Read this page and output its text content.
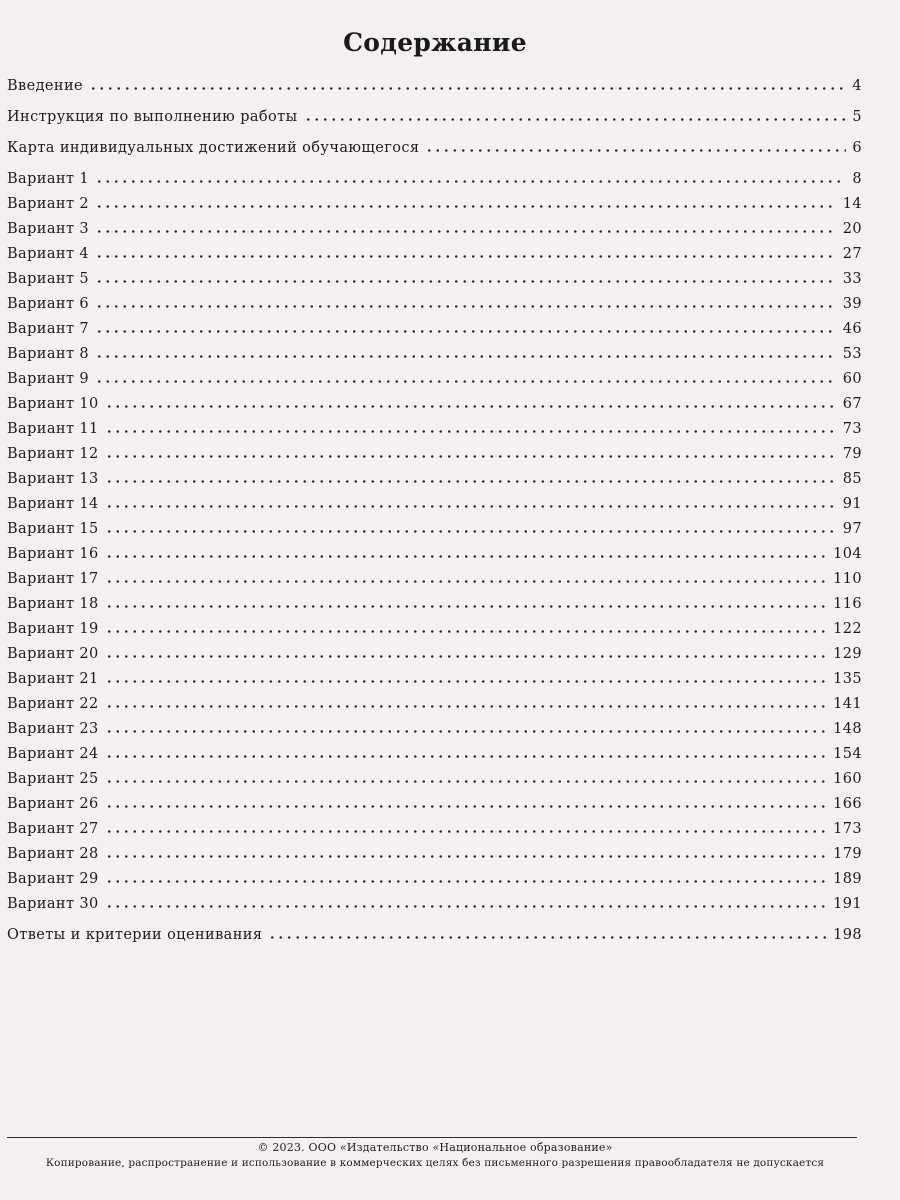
Содержание
Введение	4
Инструкция по выполнению работы	5
Карта индивидуальных достижений обучающегося	6
Вариант 1	8
Вариант 2	14
Вариант 3	20
Вариант 4	27
Вариант 5	33
Вариант 6	39
Вариант 7	46
Вариант 8	53
Вариант 9	60
Вариант 10	67
Вариант 11	73
Вариант 12	79
Вариант 13	85
Вариант 14	91
Вариант 15	97
Вариант 16	104
Вариант 17	110
Вариант 18	116
Вариант 19	122
Вариант 20	129
Вариант 21	135
Вариант 22	141
Вариант 23	148
Вариант 24	154
Вариант 25	160
Вариант 26	166
Вариант 27	173
Вариант 28	179
Вариант 29	189
Вариант 30	191
Ответы и критерии оценивания	198
© 2023. ООО «Издательство «Национальное образование»
Копирование, распространение и использование в коммерческих целях без письменного разрешения правообладателя не допускается
